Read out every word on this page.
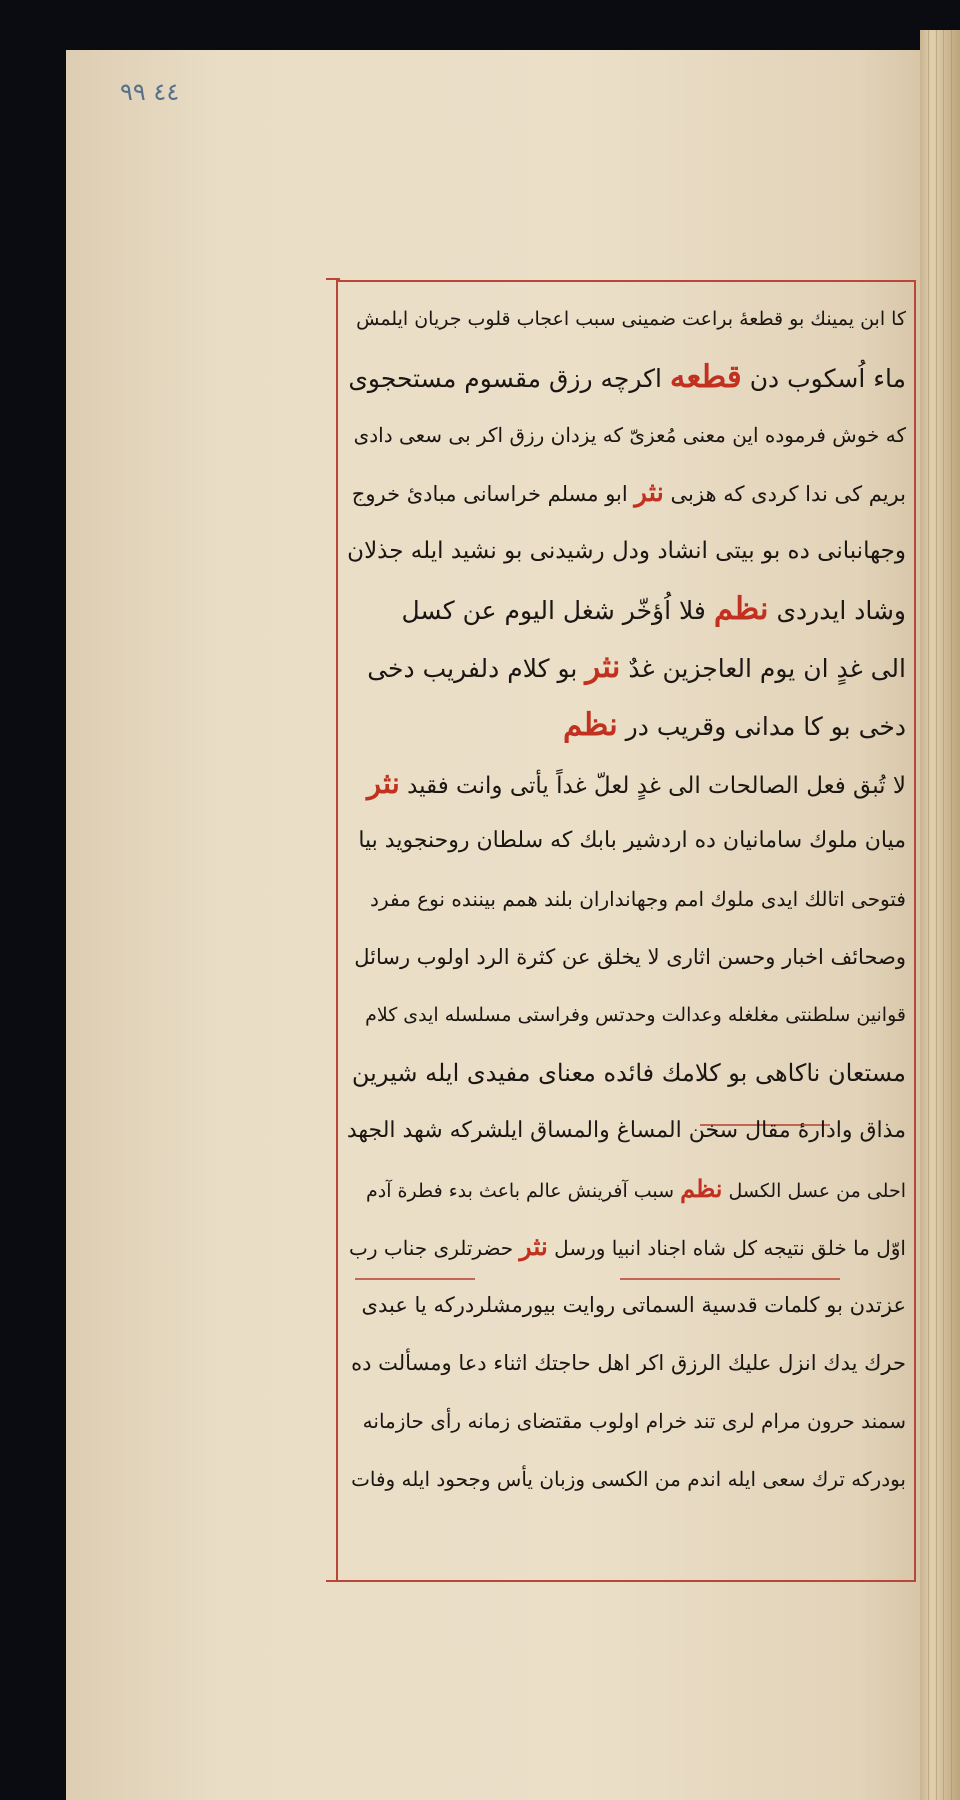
٤٤ ٩٩
کا ابن یمینك بو قطعهٔ براعت ضمینی سبب اعجاب قلوب جریان ایلمش
ماء اُسکوب دن قطعه اکرچه رزق مقسوم مستحجوی
که خوش فرموده این معنی مُعزیّ که یزدان رزق اکر بی سعی دادی
بریم کی ندا کردی که هزبی نثر ابو مسلم خراسانی مبادیٔ خروج
وجهانبانی ده بو بیتی انشاد ودل رشیدنی بو نشید ایله جذلان
وشاد ایدردی نظم فلا اُؤخّر شغل الیوم عن کسل
الی غدٍ ان یوم العاجزین غدٌ نثر بو کلام دلفریب دخی
دخی بو کا مدانی وقریب در نظم
لا تُبق فعل الصالحات الی غدٍ لعلّ غداً یأتی وانت فقید نثر
میان ملوك سامانیان ده اردشیر بابك که سلطان روحنجوید بیا
فتوحی اتالك ایدی ملوك امم وجهانداران بلند همم بیننده نوع مفرد
وصحائف اخبار وحسن اثاری لا یخلق عن کثرة الرد اولوب رسائل
قوانین سلطنتی مغلغله وعدالت وحدتس وفراستی مسلسله ایدی کلام
مستعان ناکاهی بو کلامك فائده معنای مفیدی ایله شیرین
مذاق وادارهٔ مقال سخن المساغ والمساق ایلشرکه شهد الجهد
احلی من عسل الکسل نظم سبب آفرینش عالم باعث بدء فطرة آدم
اوّل ما خلق نتیجه کل شاه اجناد انبیا ورسل نثر حضرتلری جناب رب
عزتدن بو کلمات قدسیة السماتی روایت بیورمشلردرکه یا عبدی
حرك یدك انزل علیك الرزق اکر اهل حاجتك اثناء دعا ومسألت ده
سمند حرون مرام لری تند خرام اولوب مقتضای زمانه رأی حازمانه
بودرکه ترك سعی ایله اندم من الکسی وزبان یأس وجحود ایله وفات
